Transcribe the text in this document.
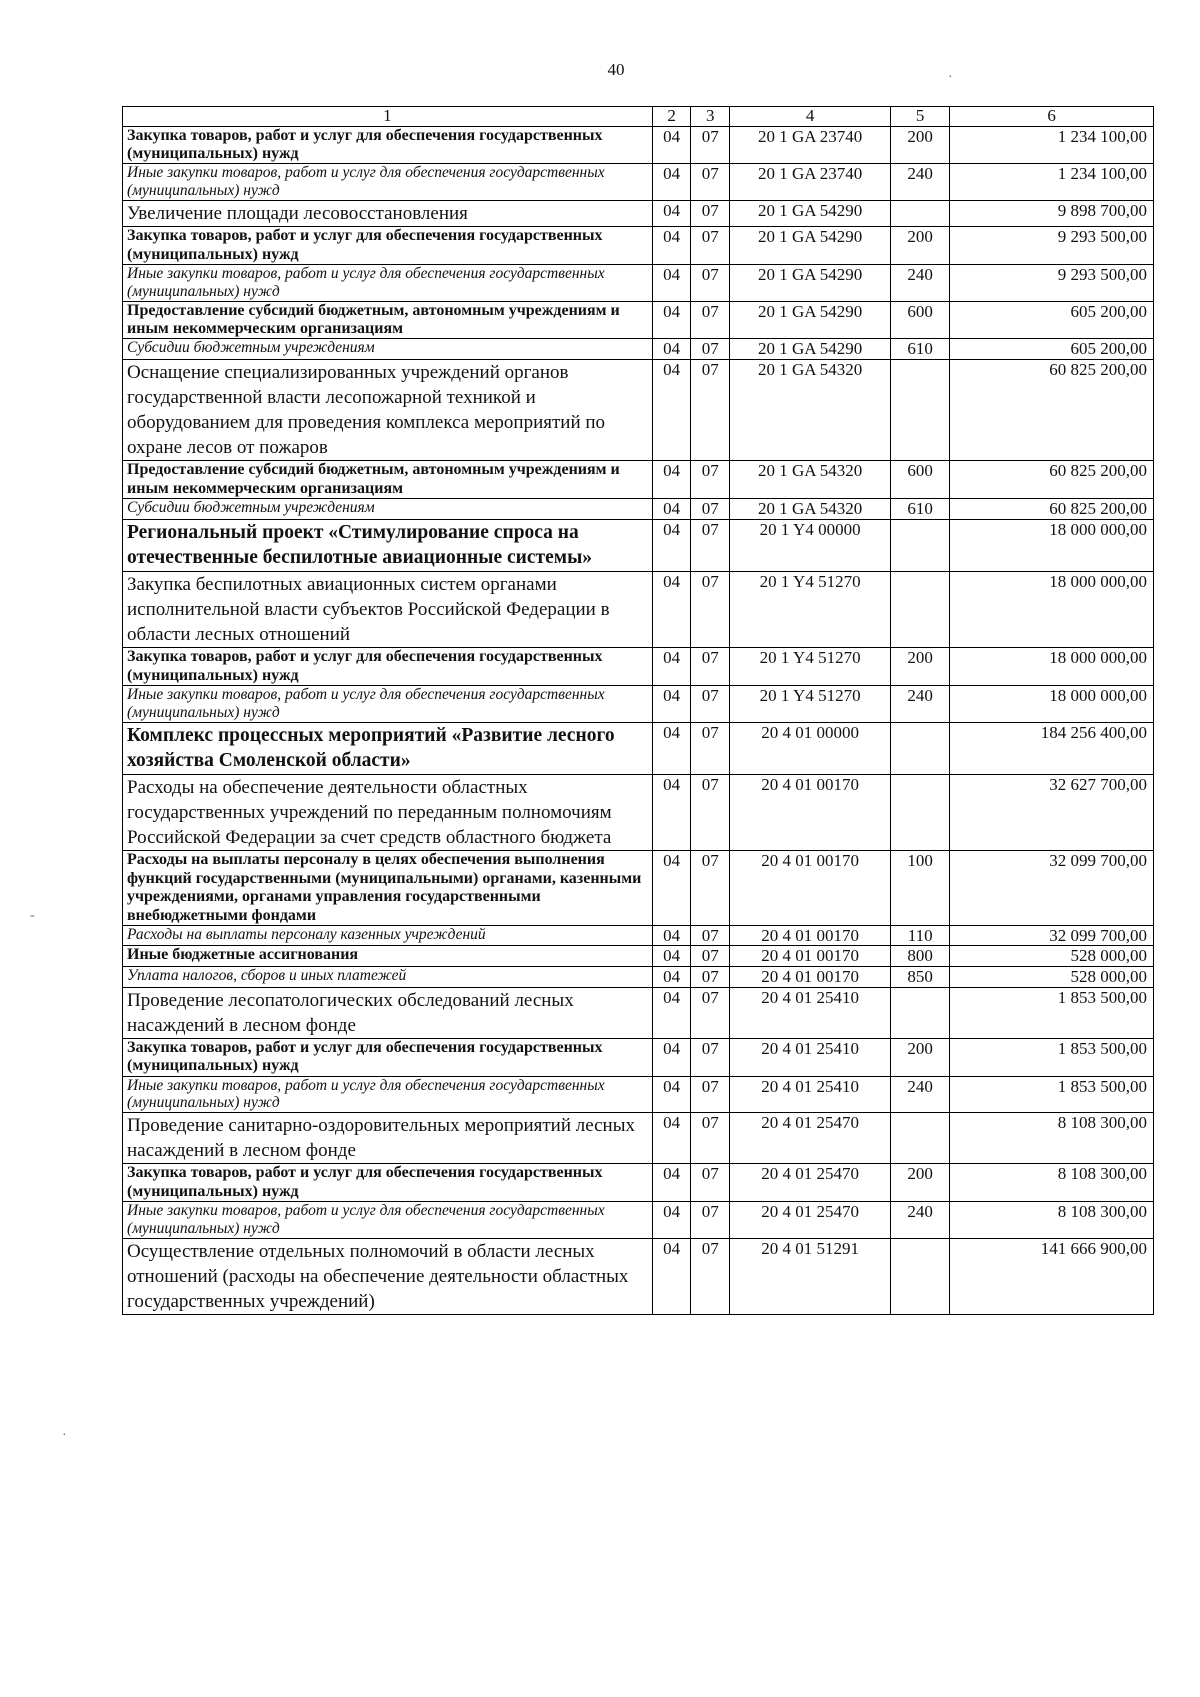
40
1	2	3	4	5	6
Закупка товаров, работ и услуг для обеспечения государственных (муниципальных) нужд	04	07	20 1 GA 23740	200	1 234 100,00
Иные закупки товаров, работ и услуг для обеспечения государственных (муниципальных) нужд	04	07	20 1 GA 23740	240	1 234 100,00
Увеличение площади лесовосстановления	04	07	20 1 GA 54290		9 898 700,00
Закупка товаров, работ и услуг для обеспечения государственных (муниципальных) нужд	04	07	20 1 GA 54290	200	9 293 500,00
Иные закупки товаров, работ и услуг для обеспечения государственных (муниципальных) нужд	04	07	20 1 GA 54290	240	9 293 500,00
Предоставление субсидий бюджетным, автономным учреждениям и иным некоммерческим организациям	04	07	20 1 GA 54290	600	605 200,00
Субсидии бюджетным учреждениям	04	07	20 1 GA 54290	610	605 200,00
Оснащение специализированных учреждений органов государственной власти лесопожарной техникой и оборудованием для проведения комплекса мероприятий по охране лесов от пожаров	04	07	20 1 GA 54320		60 825 200,00
Предоставление субсидий бюджетным, автономным учреждениям и иным некоммерческим организациям	04	07	20 1 GA 54320	600	60 825 200,00
Субсидии бюджетным учреждениям	04	07	20 1 GA 54320	610	60 825 200,00
Региональный проект «Стимулирование спроса на отечественные беспилотные авиационные системы»	04	07	20 1 Y4 00000		18 000 000,00
Закупка беспилотных авиационных систем органами исполнительной власти субъектов Российской Федерации в области лесных отношений	04	07	20 1 Y4 51270		18 000 000,00
Закупка товаров, работ и услуг для обеспечения государственных (муниципальных) нужд	04	07	20 1 Y4 51270	200	18 000 000,00
Иные закупки товаров, работ и услуг для обеспечения государственных (муниципальных) нужд	04	07	20 1 Y4 51270	240	18 000 000,00
Комплекс процессных мероприятий «Развитие лесного хозяйства Смоленской области»	04	07	20 4 01 00000		184 256 400,00
Расходы на обеспечение деятельности областных государственных учреждений по переданным полномочиям Российской Федерации за счет средств областного бюджета	04	07	20 4 01 00170		32 627 700,00
Расходы на выплаты персоналу в целях обеспечения выполнения функций государственными (муниципальными) органами, казенными учреждениями, органами управления государственными внебюджетными фондами	04	07	20 4 01 00170	100	32 099 700,00
Расходы на выплаты персоналу казенных учреждений	04	07	20 4 01 00170	110	32 099 700,00
Иные бюджетные ассигнования	04	07	20 4 01 00170	800	528 000,00
Уплата налогов, сборов и иных платежей	04	07	20 4 01 00170	850	528 000,00
Проведение лесопатологических обследований лесных насаждений в лесном фонде	04	07	20 4 01 25410		1 853 500,00
Закупка товаров, работ и услуг для обеспечения государственных (муниципальных) нужд	04	07	20 4 01 25410	200	1 853 500,00
Иные закупки товаров, работ и услуг для обеспечения государственных (муниципальных) нужд	04	07	20 4 01 25410	240	1 853 500,00
Проведение санитарно-оздоровительных мероприятий лесных насаждений в лесном фонде	04	07	20 4 01 25470		8 108 300,00
Закупка товаров, работ и услуг для обеспечения государственных (муниципальных) нужд	04	07	20 4 01 25470	200	8 108 300,00
Иные закупки товаров, работ и услуг для обеспечения государственных (муниципальных) нужд	04	07	20 4 01 25470	240	8 108 300,00
Осуществление отдельных полномочий в области лесных отношений (расходы на обеспечение деятельности областных государственных учреждений)	04	07	20 4 01 51291		141 666 900,00
·
-
·
